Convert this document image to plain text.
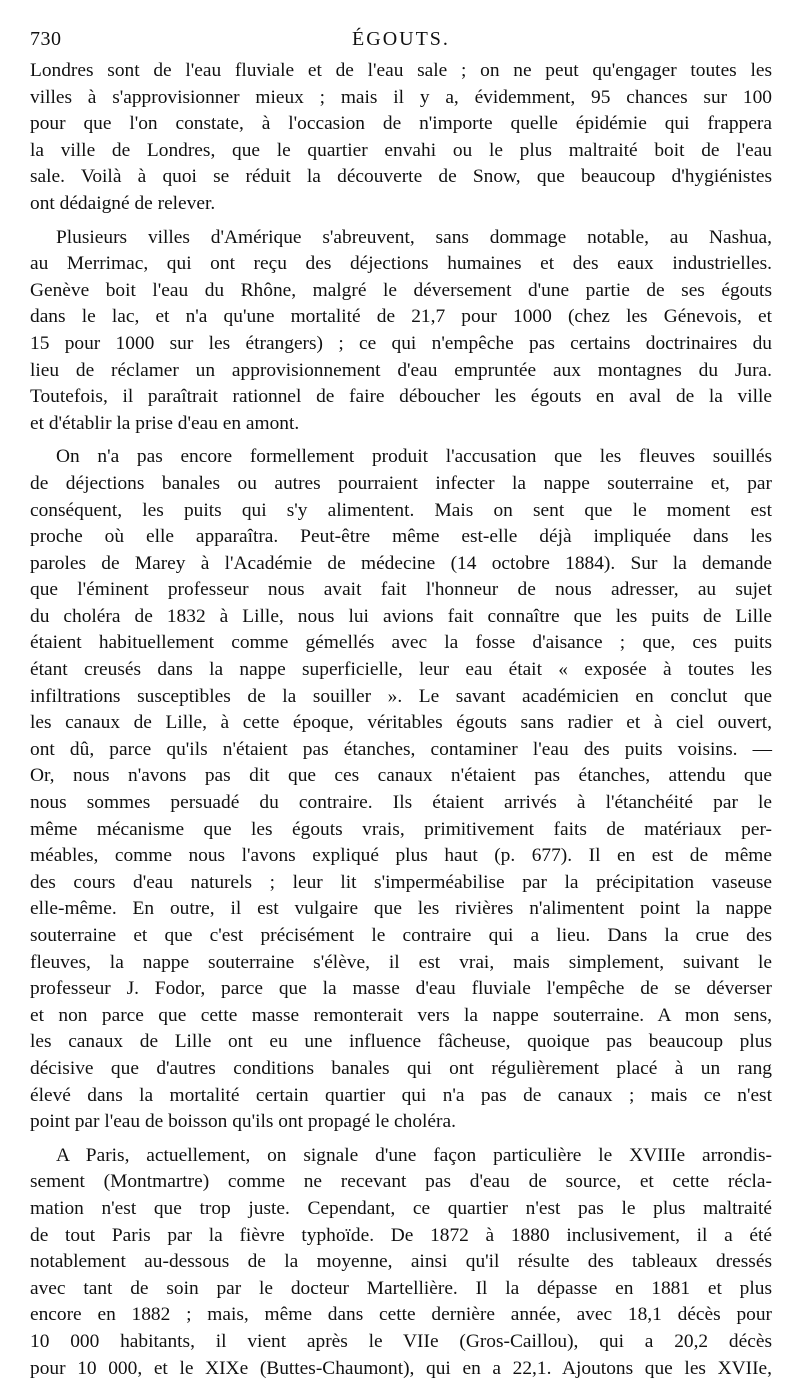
730	ÉGOUTS.
Londres sont de l'eau fluviale et de l'eau sale ; on ne peut qu'engager toutes les
villes à s'approvisionner mieux ; mais il y a, évidemment, 95 chances sur 100
pour que l'on constate, à l'occasion de n'importe quelle épidémie qui frappera
la ville de Londres, que le quartier envahi ou le plus maltraité boit de l'eau
sale. Voilà à quoi se réduit la découverte de Snow, que beaucoup d'hygiénistes
ont dédaigné de relever.
Plusieurs villes d'Amérique s'abreuvent, sans dommage notable, au Nashua,
au Merrimac, qui ont reçu des déjections humaines et des eaux industrielles.
Genève boit l'eau du Rhône, malgré le déversement d'une partie de ses égouts
dans le lac, et n'a qu'une mortalité de 21,7 pour 1000 (chez les Génevois, et
15 pour 1000 sur les étrangers) ; ce qui n'empêche pas certains doctrinaires du
lieu de réclamer un approvisionnement d'eau empruntée aux montagnes du Jura.
Toutefois, il paraîtrait rationnel de faire déboucher les égouts en aval de la ville
et d'établir la prise d'eau en amont.
On n'a pas encore formellement produit l'accusation que les fleuves souillés
de déjections banales ou autres pourraient infecter la nappe souterraine et, par
conséquent, les puits qui s'y alimentent. Mais on sent que le moment est
proche où elle apparaîtra. Peut-être même est-elle déjà impliquée dans les
paroles de Marey à l'Académie de médecine (14 octobre 1884). Sur la demande
que l'éminent professeur nous avait fait l'honneur de nous adresser, au sujet
du choléra de 1832 à Lille, nous lui avions fait connaître que les puits de Lille
étaient habituellement comme gémellés avec la fosse d'aisance ; que, ces puits
étant creusés dans la nappe superficielle, leur eau était « exposée à toutes les
infiltrations susceptibles de la souiller ». Le savant académicien en conclut que
les canaux de Lille, à cette époque, véritables égouts sans radier et à ciel ouvert,
ont dû, parce qu'ils n'étaient pas étanches, contaminer l'eau des puits voisins. —
Or, nous n'avons pas dit que ces canaux n'étaient pas étanches, attendu que
nous sommes persuadé du contraire. Ils étaient arrivés à l'étanchéité par le
même mécanisme que les égouts vrais, primitivement faits de matériaux per-
méables, comme nous l'avons expliqué plus haut (p. 677). Il en est de même
des cours d'eau naturels ; leur lit s'imperméabilise par la précipitation vaseuse
elle-même. En outre, il est vulgaire que les rivières n'alimentent point la nappe
souterraine et que c'est précisément le contraire qui a lieu. Dans la crue des
fleuves, la nappe souterraine s'élève, il est vrai, mais simplement, suivant le
professeur J. Fodor, parce que la masse d'eau fluviale l'empêche de se déverser
et non parce que cette masse remonterait vers la nappe souterraine. A mon sens,
les canaux de Lille ont eu une influence fâcheuse, quoique pas beaucoup plus
décisive que d'autres conditions banales qui ont régulièrement placé à un rang
élevé dans la mortalité certain quartier qui n'a pas de canaux ; mais ce n'est
point par l'eau de boisson qu'ils ont propagé le choléra.
A Paris, actuellement, on signale d'une façon particulière le XVIIIe arrondis-
sement (Montmartre) comme ne recevant pas d'eau de source, et cette récla-
mation n'est que trop juste. Cependant, ce quartier n'est pas le plus maltraité
de tout Paris par la fièvre typhoïde. De 1872 à 1880 inclusivement, il a été
notablement au-dessous de la moyenne, ainsi qu'il résulte des tableaux dressés
avec tant de soin par le docteur Martellière. Il la dépasse en 1881 et plus
encore en 1882 ; mais, même dans cette dernière année, avec 18,1 décès pour
10 000 habitants, il vient après le VIIe (Gros-Caillou), qui a 20,2 décès
pour 10 000, et le XIXe (Buttes-Chaumont), qui en a 22,1. Ajoutons que les XVIIe,
